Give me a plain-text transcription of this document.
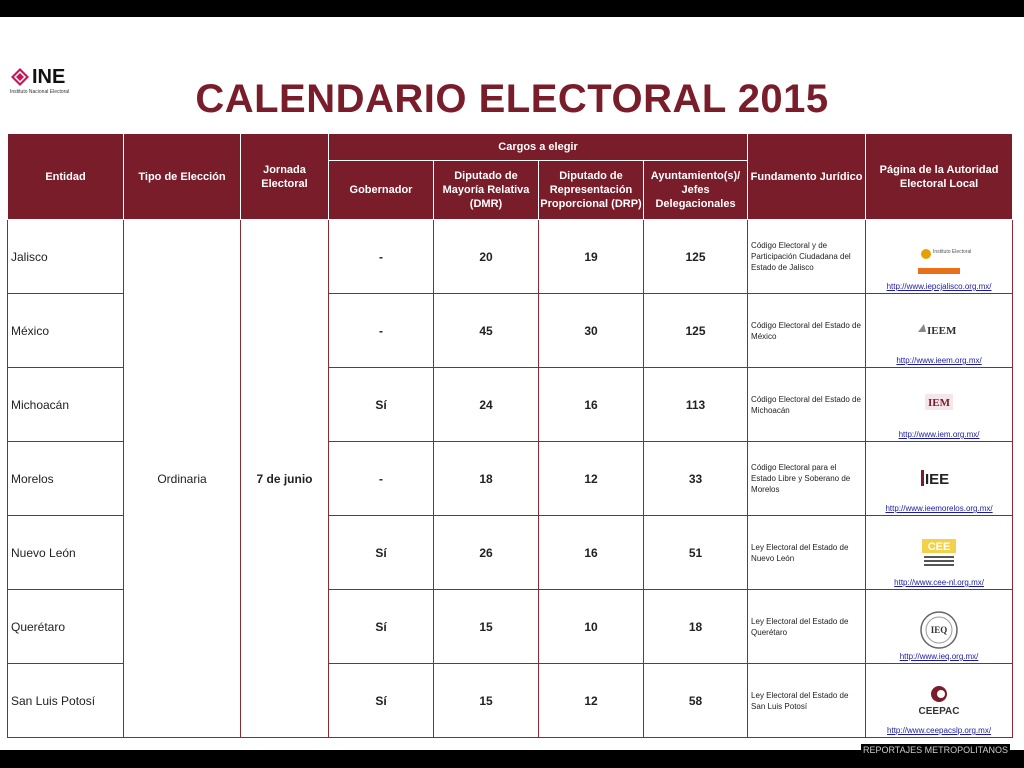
INE
Instituto Nacional Electoral	CALENDARIO ELECTORAL 2015
Entidad	Tipo de Elección	Jornada Electoral	Cargos a elegir				Fundamento Jurídico	Página de la Autoridad Electoral Local
			Gobernador	Diputado de Mayoría Relativa (DMR)	Diputado de Representación Proporcional (DRP)	Ayuntamiento(s)/ Jefes Delegacionales		
Jalisco	Ordinaria	7 de junio	-	20	19	125	Código Electoral y de Participación Ciudadana del Estado de Jalisco	Instituto Electoral
http://www.iepcjalisco.org.mx/

México			-	45	30	125	Código Electoral del Estado de México	IEEM
http://www.ieem.org.mx/

Michoacán			Sí	24	16	113	Código Electoral del Estado de Michoacán	IEM
http://www.iem.org.mx/

Morelos			-	18	12	33	Código Electoral para el Estado Libre y Soberano de Morelos	IEE
http://www.ieemorelos.org.mx/

Nuevo León			Sí	26	16	51	Ley Electoral del Estado de Nuevo León	CEE
http://www.cee-nl.org.mx/

Querétaro			Sí	15	10	18	Ley Electoral del Estado de Querétaro	IEQ
http://www.ieq.org.mx/

San Luis Potosí			Sí	15	12	58	Ley Electoral del Estado de San Luis Potosí	CEEPAC
http://www.ceepacslp.org.mx/
REPORTAJES METROPOLITANOS
